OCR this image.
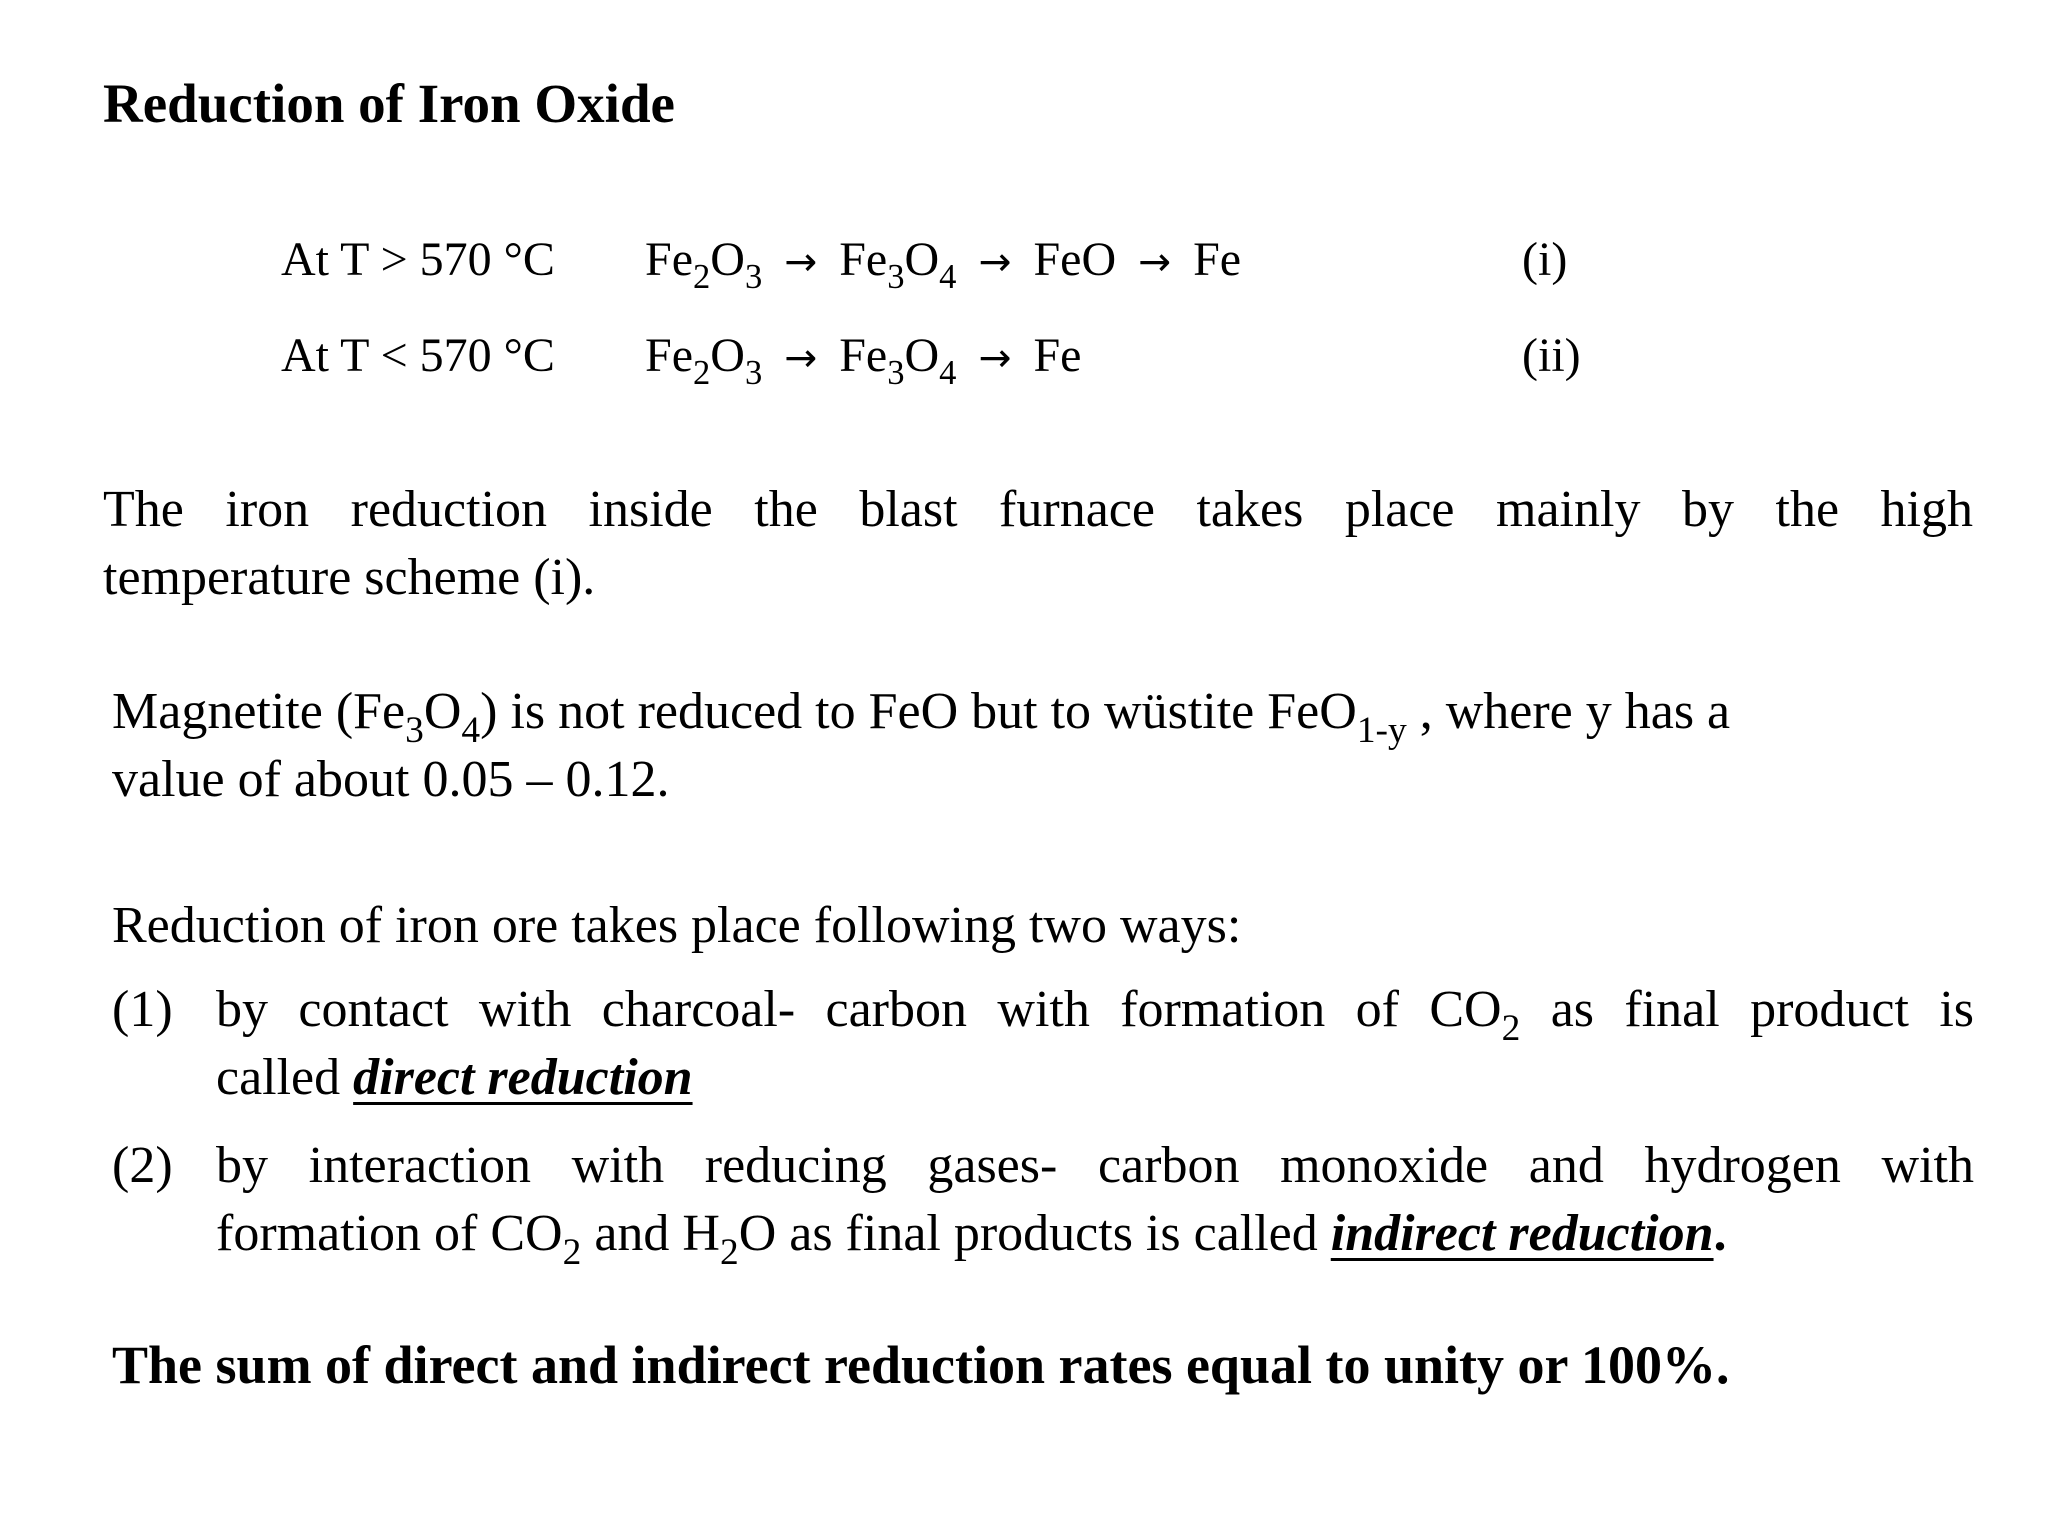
Reduction of Iron Oxide
At T > 570 °C $Fe_2O_3 \to Fe_3O_4$ → FeO → Fe	(i)
At T < 570 °C $Fe_2O_3 \to Fe_3O_4 \to Fe$	(ii)
The iron reduction inside the blast furnace takes place mainly by the high
temperature scheme (i).
Magnetite $(Fe_3O_4)$ is not reduced to FeO but to wüstite FeO$_{1-y}$ , where y has a
value of about 0.05 – 0.12.
Reduction of iron ore takes place following two ways:
(1) by contact with charcoal- carbon with formation of $CO_2$ as final product is
called direct reduction
(2) by interaction with reducing gases- carbon monoxide and hydrogen with
formation of $CO_2$ and $H_2O$ as final products is called indirect reduction.
The sum of direct and indirect reduction rates equal to unity or 100%.
